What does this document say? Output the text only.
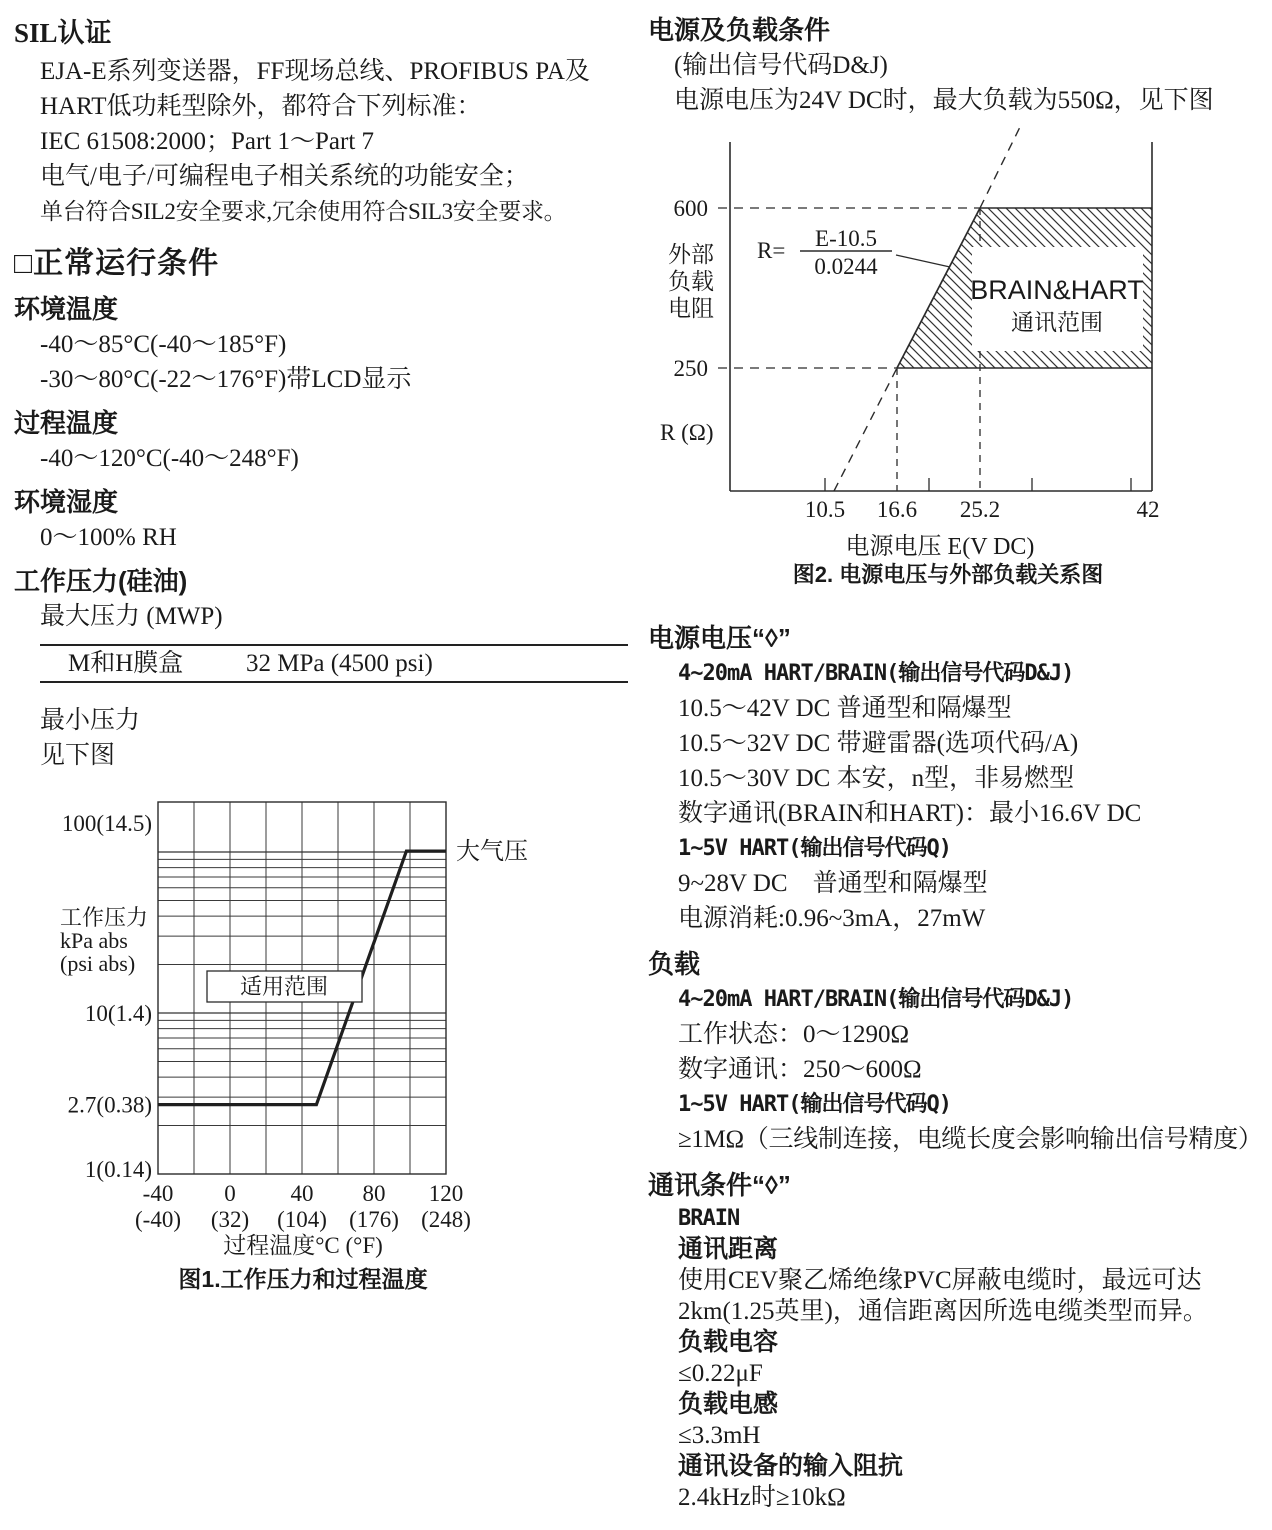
SIL认证
EJA-E系列变送器，FF现场总线、PROFIBUS PA及
HART低功耗型除外，都符合下列标准：
IEC 61508:2000；Part 1～Part 7
电气/电子/可编程电子相关系统的功能安全；
单台符合SIL2安全要求,冗余使用符合SIL3安全要求。
□正常运行条件
环境温度
-40～85°C(-40～185°F)
-30～80°C(-22～176°F)带LCD显示
过程温度
-40～120°C(-40～248°F)
环境湿度
0～100% RH
工作压力(硅油)
最大压力 (MWP)
M和H膜盒	32 MPa (4500 psi)
最小压力
见下图
大气压
适用范围
100(14.5)
10(1.4)
2.7(0.38)
1(0.14)
-40
(-40)
0
(32)
40
(104)
80
(176)
120
(248)
工作压力
kPa abs
(psi abs)
过程温度°C (°F)
图1.工作压力和过程温度
电源及负载条件
(输出信号代码D&J)
电源电压为24V DC时，最大负载为550Ω，见下图
BRAIN&HART
通讯范围
600
250
外部
负载
电阻
R (Ω)
10.5 16.6 25.2	42
R= E-10.5
0.0244
电源电压 E(V DC)
图2. 电源电压与外部负载关系图
电源电压“◊”
4~20mA HART/BRAIN(输出信号代码D&J)
10.5～42V DC 普通型和隔爆型
10.5～32V DC 带避雷器(选项代码/A)
10.5～30V DC 本安，n型，非易燃型
数字通讯(BRAIN和HART)：最小16.6V DC
1~5V HART(输出信号代码Q)
9~28V DC　普通型和隔爆型
电源消耗:0.96~3mA，27mW
负载
4~20mA HART/BRAIN(输出信号代码D&J)
工作状态：0～1290Ω
数字通讯：250～600Ω
1~5V HART(输出信号代码Q)
≥1MΩ（三线制连接，电缆长度会影响输出信号精度）
通讯条件“◊”
BRAIN
通讯距离
使用CEV聚乙烯绝缘PVC屏蔽电缆时，最远可达
2km(1.25英里)，通信距离因所选电缆类型而异。
负载电容
≤0.22μF
负载电感
≤3.3mH
通讯设备的输入阻抗
2.4kHz时≥10kΩ
